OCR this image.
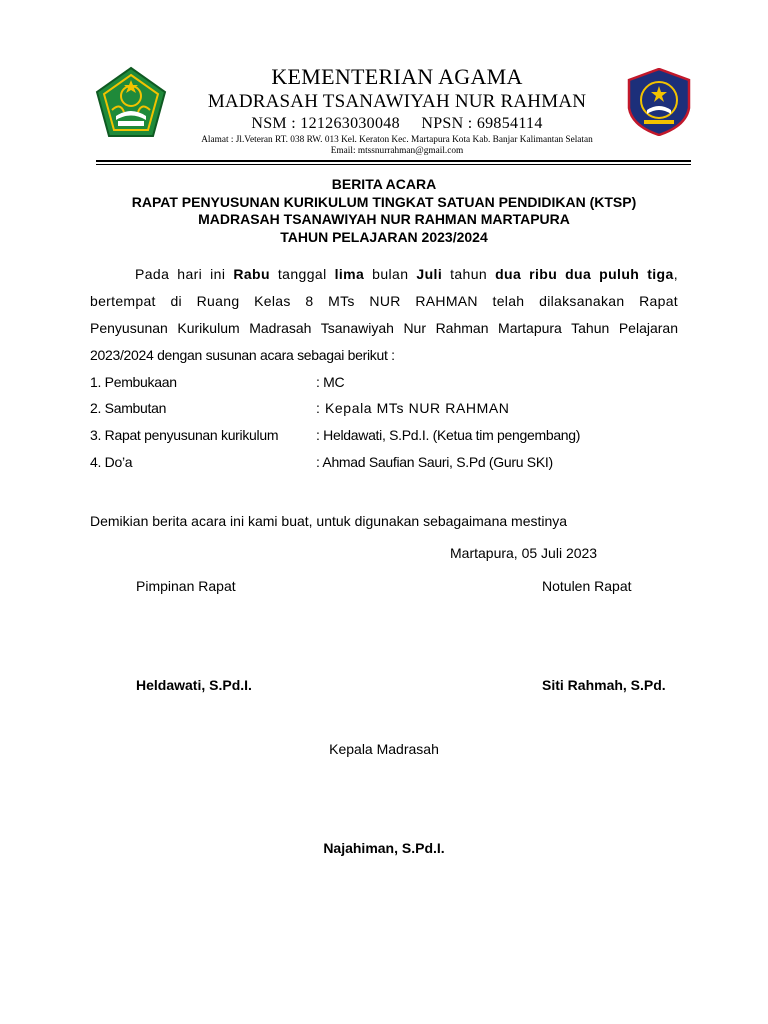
KEMENTERIAN AGAMA
MADRASAH TSANAWIYAH NUR RAHMAN
NSM : 121263030048     NPSN : 69854114
Alamat : Jl.Veteran RT. 038 RW. 013 Kel. Keraton Kec. Martapura Kota Kab. Banjar Kalimantan Selatan
Email: mtssnurrahman@gmail.com
BERITA ACARA
RAPAT PENYUSUNAN KURIKULUM TINGKAT SATUAN PENDIDIKAN (KTSP)
MADRASAH TSANAWIYAH NUR RAHMAN MARTAPURA
TAHUN PELAJARAN 2023/2024
Pada hari ini Rabu tanggal lima bulan Juli tahun dua ribu dua puluh tiga,
bertempat di Ruang Kelas 8 MTs NUR RAHMAN telah dilaksanakan Rapat
Penyusunan Kurikulum Madrasah Tsanawiyah Nur Rahman Martapura Tahun Pelajaran
2023/2024 dengan susunan acara sebagai berikut :
1. Pembukaan	: MC
2. Sambutan	: Kepala MTs NUR RAHMAN
3. Rapat penyusunan kurikulum	: Heldawati, S.Pd.I. (Ketua tim pengembang)
4. Do’a	: Ahmad Saufian Sauri, S.Pd (Guru SKI)
Demikian berita acara ini kami buat, untuk digunakan sebagaimana mestinya
Martapura, 05 Juli 2023
Pimpinan Rapat	Notulen Rapat
Heldawati, S.Pd.I.	Siti Rahmah, S.Pd.
Kepala Madrasah
Najahiman, S.Pd.I.
